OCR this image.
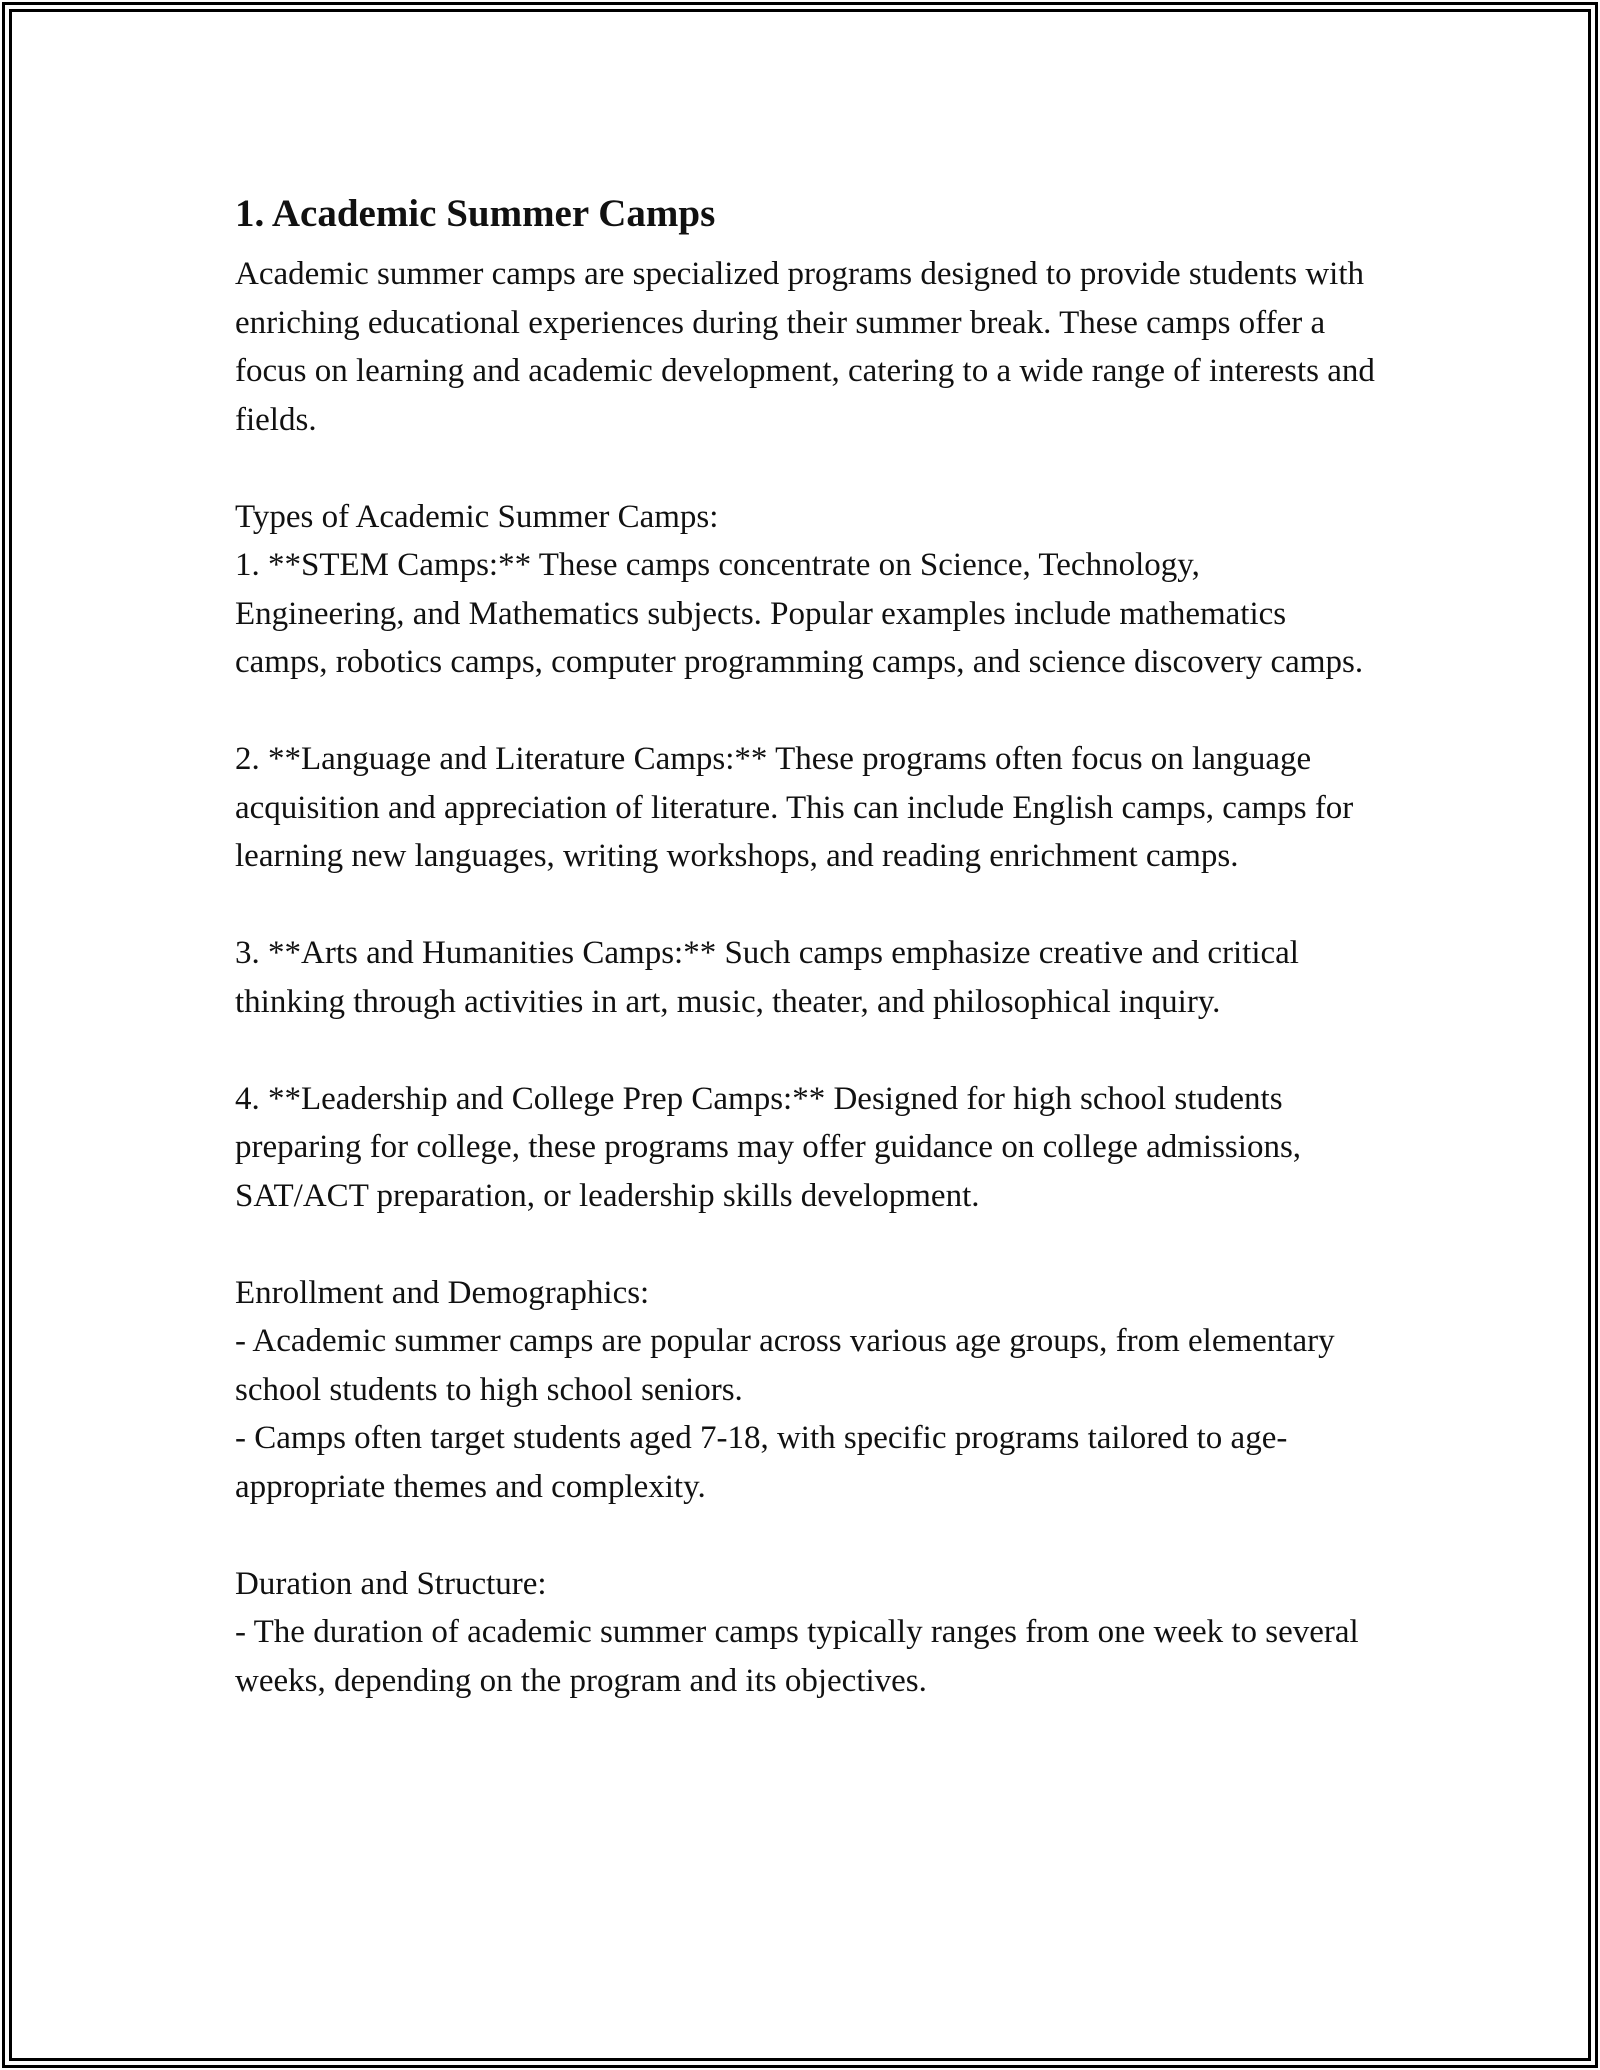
1. Academic Summer Camps

Academic summer camps are specialized programs designed to provide students with enriching educational experiences during their summer break. These camps offer a focus on learning and academic development, catering to a wide range of interests and fields.

Types of Academic Summer Camps:
1. **STEM Camps:** These camps concentrate on Science, Technology, Engineering, and Mathematics subjects. Popular examples include mathematics camps, robotics camps, computer programming camps, and science discovery camps.
2. **Language and Literature Camps:** These programs often focus on language acquisition and appreciation of literature. This can include English camps, camps for learning new languages, writing workshops, and reading enrichment camps.
3. **Arts and Humanities Camps:** Such camps emphasize creative and critical thinking through activities in art, music, theater, and philosophical inquiry.
4. **Leadership and College Prep Camps:** Designed for high school students preparing for college, these programs may offer guidance on college admissions, SAT/ACT preparation, or leadership skills development.
Enrollment and Demographics:
- Academic summer camps are popular across various age groups, from elementary school students to high school seniors.
- Camps often target students aged 7-18, with specific programs tailored to age-appropriate themes and complexity.
Duration and Structure:
- The duration of academic summer camps typically ranges from one week to several weeks, depending on the program and its objectives.
